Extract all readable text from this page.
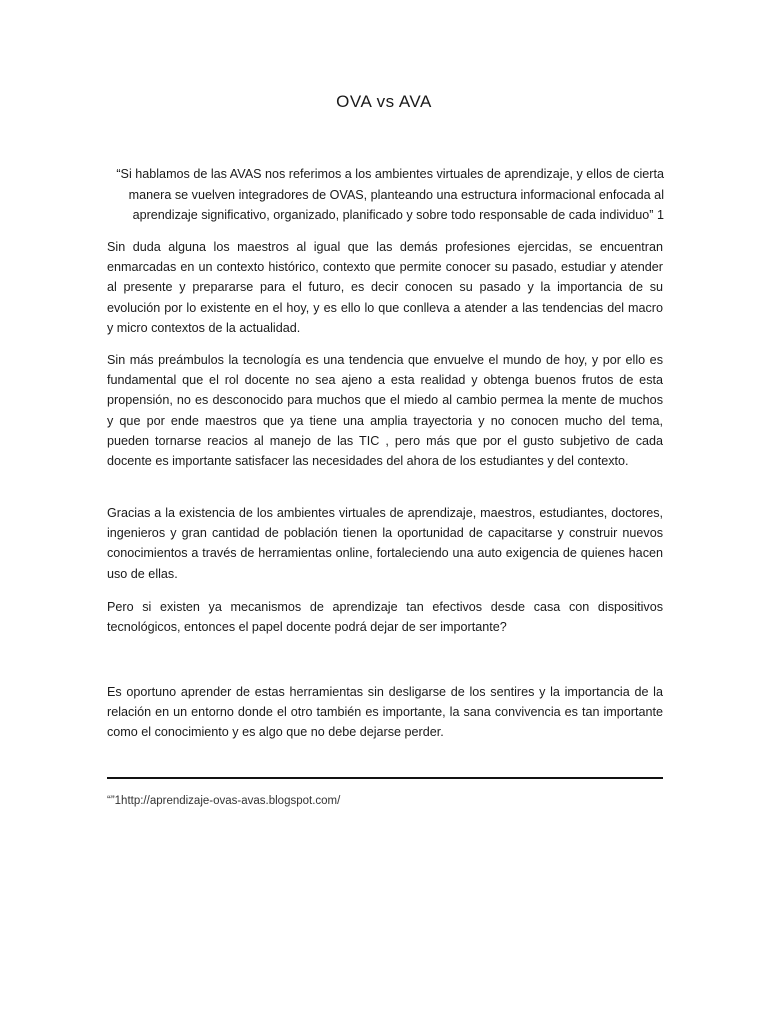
OVA vs AVA
“Si hablamos de las AVAS nos referimos a los ambientes virtuales de aprendizaje, y ellos de cierta manera se vuelven integradores de OVAS, planteando una estructura informacional enfocada al aprendizaje significativo, organizado, planificado y sobre todo responsable de cada individuo” 1
Sin duda alguna los maestros al igual que las demás profesiones ejercidas, se encuentran enmarcadas en un contexto histórico, contexto que permite conocer su pasado, estudiar y atender al presente y prepararse para el futuro, es decir conocen su pasado y la importancia de su evolución por lo existente en el hoy, y es ello lo que conlleva a atender a las tendencias del macro y micro contextos de la actualidad.
Sin más preámbulos la tecnología es una tendencia que envuelve el mundo de hoy, y por ello es fundamental que el rol docente no sea ajeno a esta realidad y obtenga buenos frutos de esta propensión, no es desconocido para muchos que el miedo al cambio permea la mente de muchos y que por ende maestros que ya tiene una amplia trayectoria y no conocen mucho del tema, pueden tornarse reacios al manejo de las TIC , pero más que por el gusto subjetivo de cada docente es importante satisfacer las necesidades del ahora de los estudiantes y del contexto.
Gracias a la existencia de los ambientes virtuales de aprendizaje, maestros, estudiantes, doctores, ingenieros y gran cantidad de población tienen la oportunidad de capacitarse y construir nuevos conocimientos a través de herramientas online, fortaleciendo una auto exigencia de quienes hacen uso de ellas.
Pero si existen ya mecanismos de aprendizaje tan efectivos desde casa con dispositivos tecnológicos, entonces el papel docente podrá dejar de ser importante?
Es oportuno aprender de estas herramientas sin desligarse de los sentires y la importancia de la relación en un entorno donde el otro también es importante, la sana convivencia es tan importante como el conocimiento y es algo que no debe dejarse perder.
“”1http://aprendizaje-ovas-avas.blogspot.com/
